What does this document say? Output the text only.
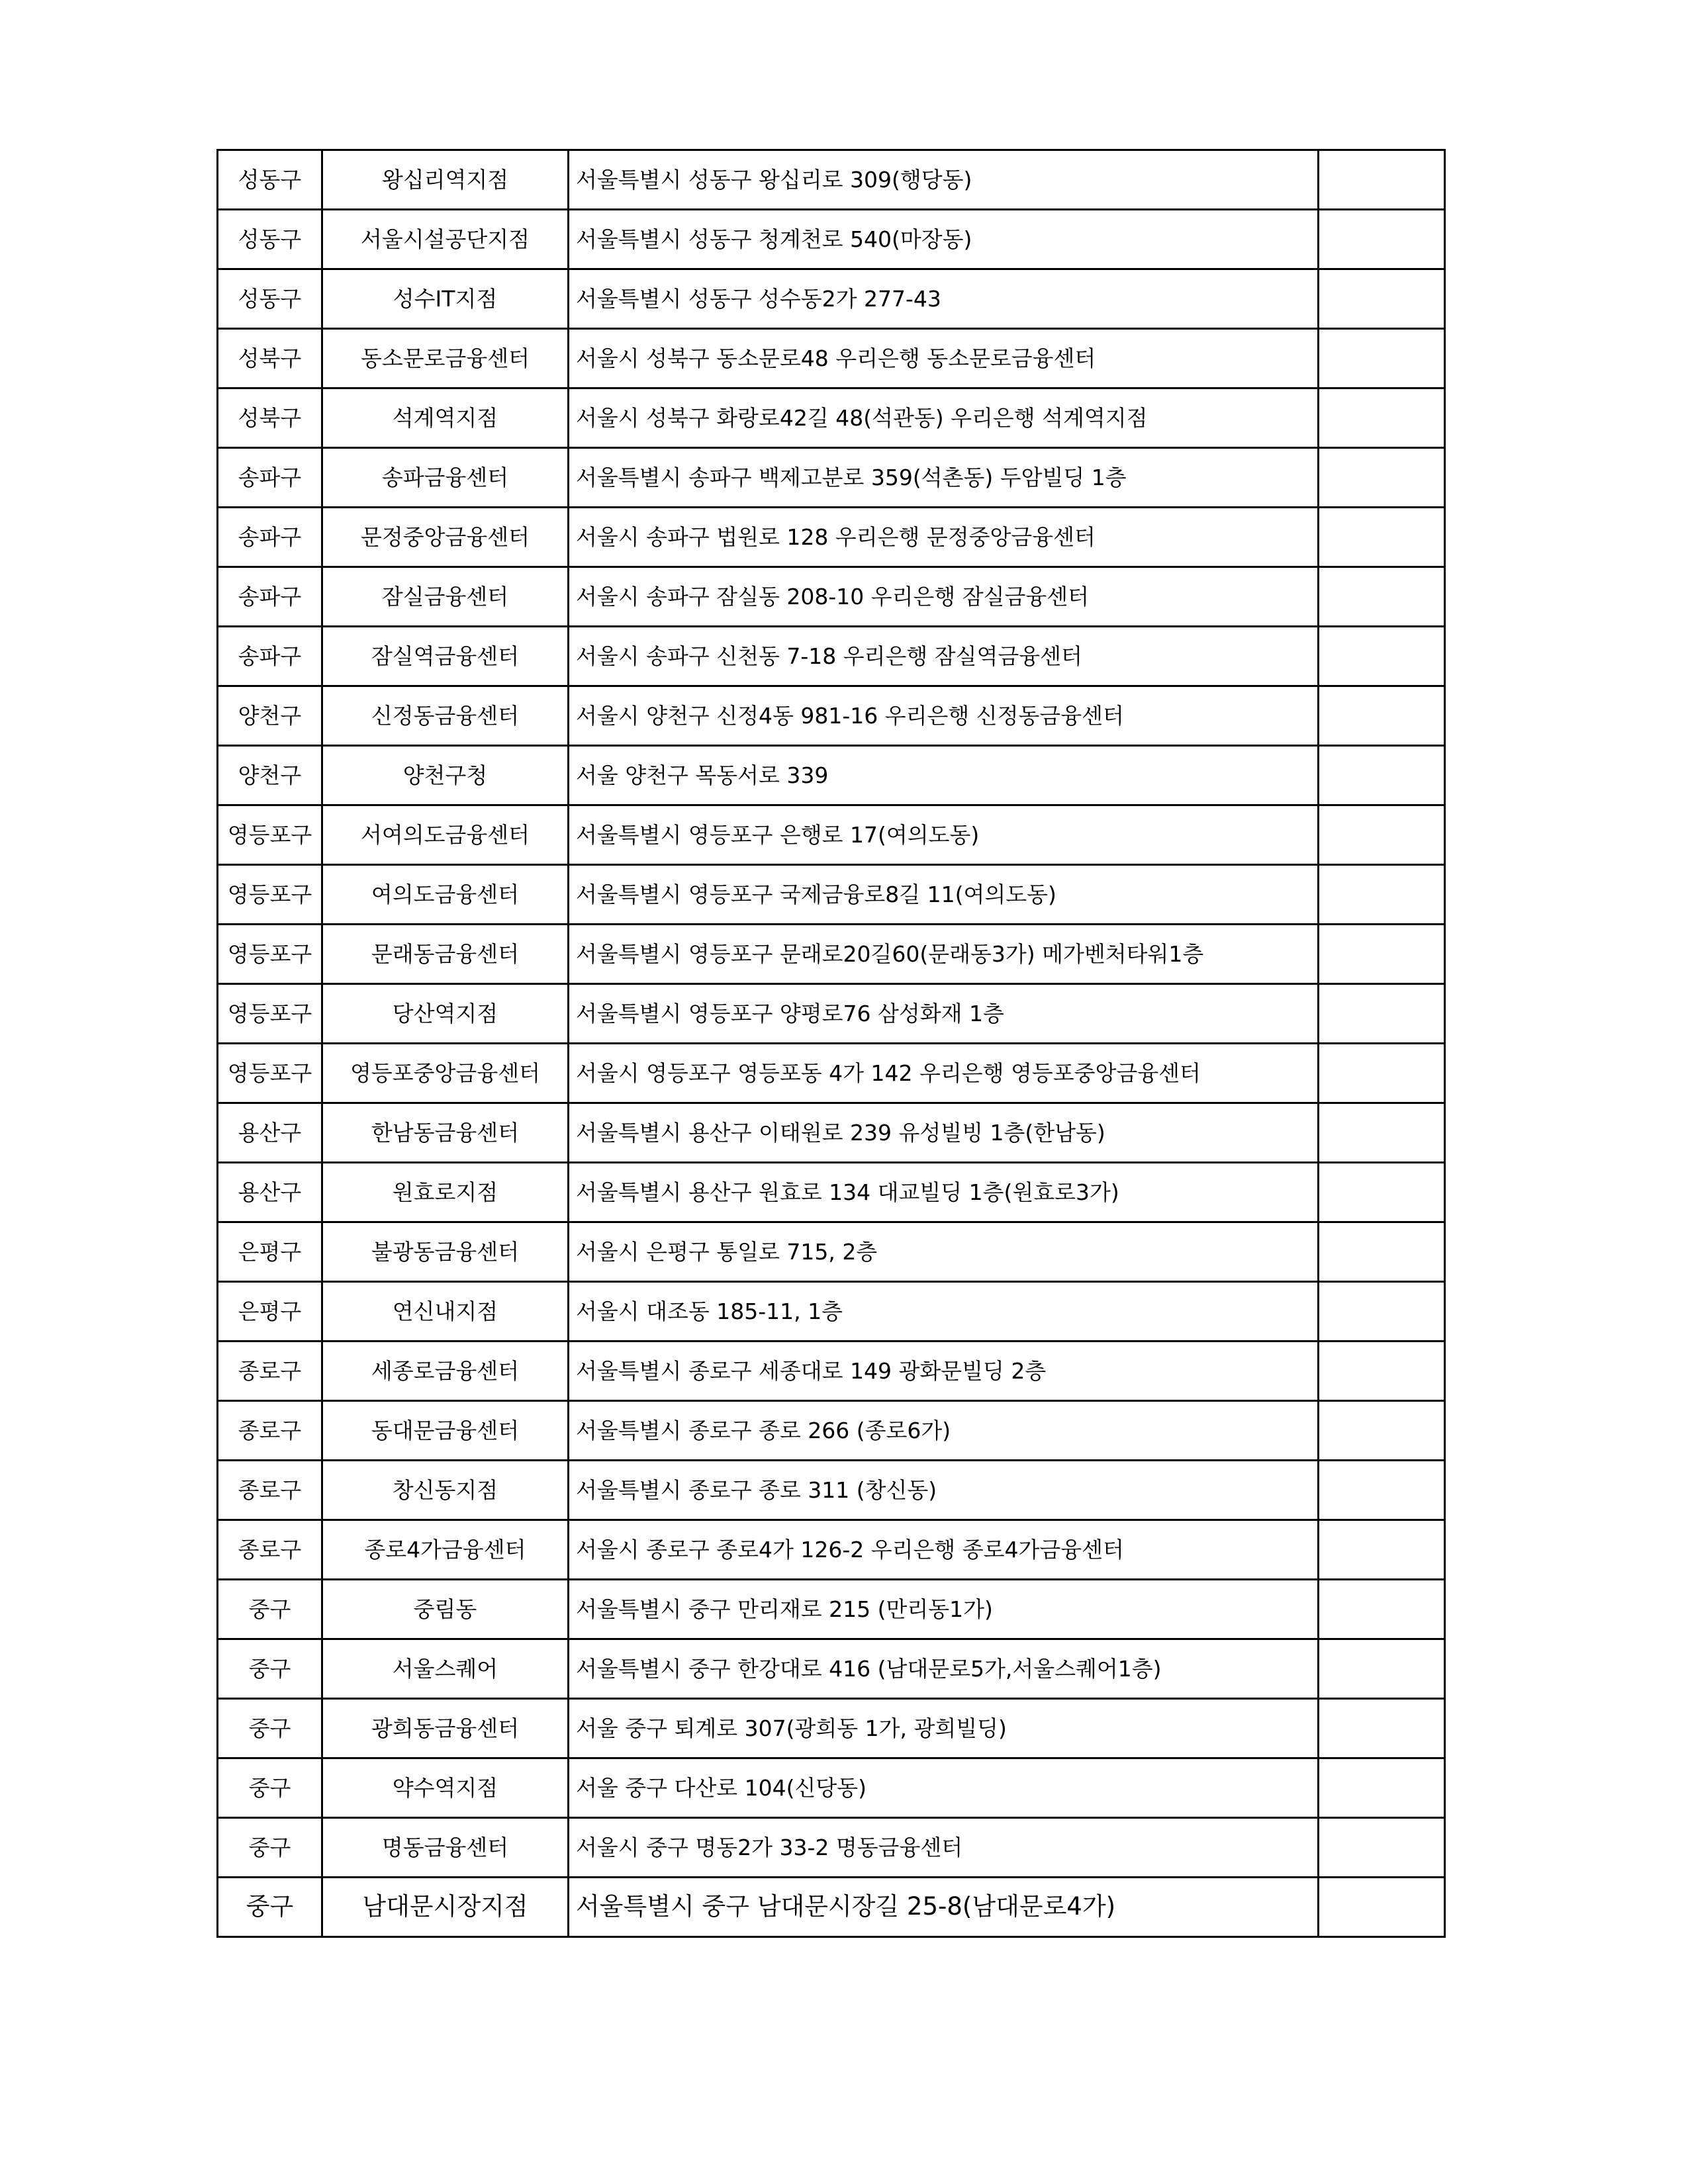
성동구	왕십리역지점	서울특별시 성동구 왕십리로 309(행당동)	
성동구	서울시설공단지점	서울특별시 성동구 청계천로 540(마장동)	
성동구	성수IT지점	서울특별시 성동구 성수동2가 277-43	
성북구	동소문로금융센터	서울시 성북구 동소문로48 우리은행 동소문로금융센터	
성북구	석계역지점	서울시 성북구 화랑로42길 48(석관동) 우리은행 석계역지점	
송파구	송파금융센터	서울특별시 송파구 백제고분로 359(석촌동) 두암빌딩 1층	
송파구	문정중앙금융센터	서울시 송파구 법원로 128 우리은행 문정중앙금융센터	
송파구	잠실금융센터	서울시 송파구 잠실동 208-10 우리은행 잠실금융센터	
송파구	잠실역금융센터	서울시 송파구 신천동 7-18 우리은행 잠실역금융센터	
양천구	신정동금융센터	서울시 양천구 신정4동 981-16 우리은행 신정동금융센터	
양천구	양천구청	서울 양천구 목동서로 339	
영등포구	서여의도금융센터	서울특별시 영등포구 은행로 17(여의도동)	
영등포구	여의도금융센터	서울특별시 영등포구 국제금융로8길 11(여의도동)	
영등포구	문래동금융센터	서울특별시 영등포구 문래로20길60(문래동3가) 메가벤처타워1층	
영등포구	당산역지점	서울특별시 영등포구 양평로76 삼성화재 1층	
영등포구	영등포중앙금융센터	서울시 영등포구 영등포동 4가 142 우리은행 영등포중앙금융센터	
용산구	한남동금융센터	서울특별시 용산구 이태원로 239 유성빌빙 1층(한남동)	
용산구	원효로지점	서울특별시 용산구 원효로 134 대교빌딩 1층(원효로3가)	
은평구	불광동금융센터	서울시 은평구 통일로 715, 2층	
은평구	연신내지점	서울시 대조동 185-11, 1층	
종로구	세종로금융센터	서울특별시 종로구 세종대로 149 광화문빌딩 2층	
종로구	동대문금융센터	서울특별시 종로구 종로 266 (종로6가)	
종로구	창신동지점	서울특별시 종로구 종로 311 (창신동)	
종로구	종로4가금융센터	서울시 종로구 종로4가 126-2 우리은행 종로4가금융센터	
중구	중림동	서울특별시 중구 만리재로 215 (만리동1가)	
중구	서울스퀘어	서울특별시 중구 한강대로 416 (남대문로5가,서울스퀘어1층)	
중구	광희동금융센터	서울 중구 퇴계로 307(광희동 1가, 광희빌딩)	
중구	약수역지점	서울 중구 다산로 104(신당동)	
중구	명동금융센터	서울시 중구 명동2가 33-2 명동금융센터	
중구	남대문시장지점	서울특별시 중구 남대문시장길 25-8(남대문로4가)	
